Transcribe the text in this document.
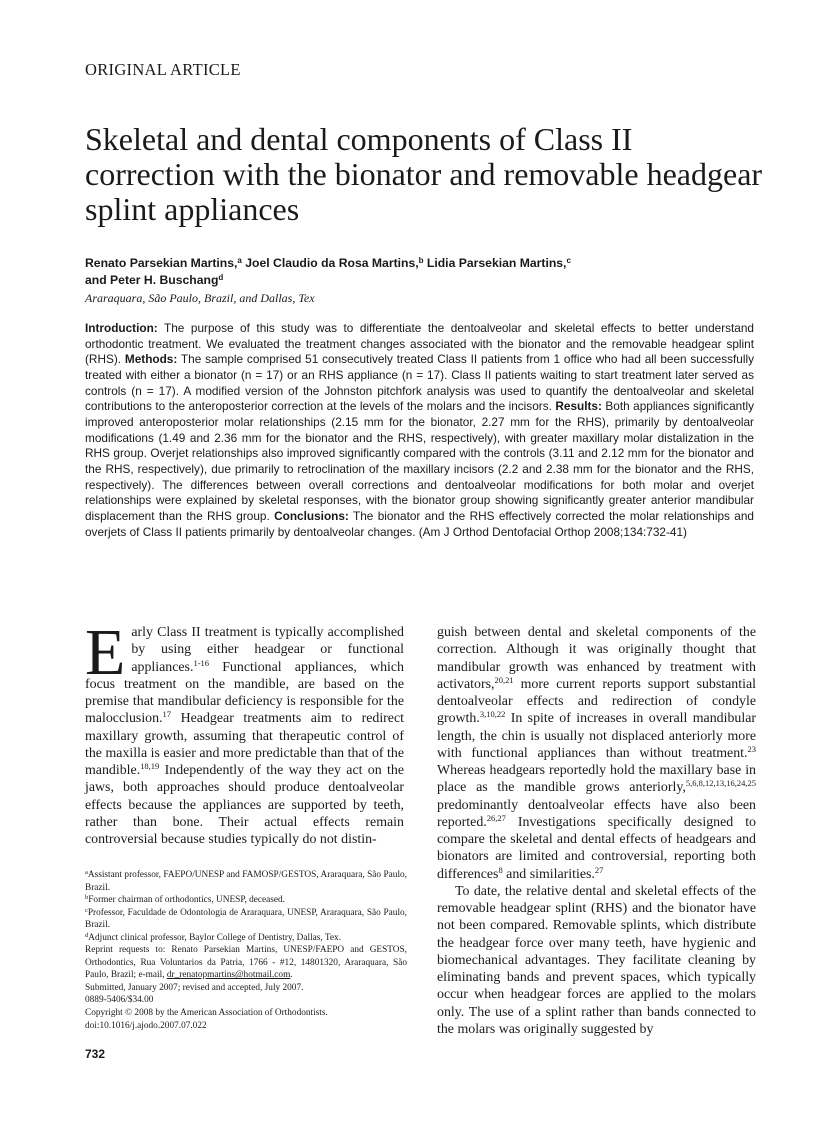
ORIGINAL ARTICLE
Skeletal and dental components of Class II correction with the bionator and removable headgear splint appliances
Renato Parsekian Martins,$^a$ Joel Claudio da Rosa Martins,$^b$ Lidia Parsekian Martins,$^c$
and Peter H. Buschang$^d$
Araraquara, São Paulo, Brazil, and Dallas, Tex

Introduction: The purpose of this study was to differentiate the dentoalveolar and skeletal effects to better understand orthodontic treatment. We evaluated the treatment changes associated with the bionator and the removable headgear splint (RHS). Methods: The sample comprised 51 consecutively treated Class II patients from 1 office who had all been successfully treated with either a bionator (n = 17) or an RHS appliance (n = 17). Class II patients waiting to start treatment later served as controls (n = 17). A modified version of the Johnston pitchfork analysis was used to quantify the dentoalveolar and skeletal contributions to the anteroposterior correction at the levels of the molars and the incisors. Results: Both appliances significantly improved anteroposterior molar relationships (2.15 mm for the bionator, 2.27 mm for the RHS), primarily by dentoalveolar modifications (1.49 and 2.36 mm for the bionator and the RHS, respectively), with greater maxillary molar distalization in the RHS group. Overjet relationships also improved significantly compared with the controls (3.11 and 2.12 mm for the bionator and the RHS, respectively), due primarily to retroclination of the maxillary incisors (2.2 and 2.38 mm for the bionator and the RHS, respectively). The differences between overall corrections and dentoalveolar modifications for both molar and overjet relationships were explained by skeletal responses, with the bionator group showing significantly greater anterior mandibular displacement than the RHS group. Conclusions: The bionator and the RHS effectively corrected the molar relationships and overjets of Class II patients primarily by dentoalveolar changes. (Am J Orthod Dentofacial Orthop 2008;134:732-41)

Early Class II treatment is typically accomplished by using either headgear or functional appliances.$^{1-16}$ Functional appliances, which focus treatment on the mandible, are based on the premise that mandibular deficiency is responsible for the malocclusion.$^{17}$ Headgear treatments aim to redirect maxillary growth, assuming that therapeutic control of the maxilla is easier and more predictable than that of the mandible.$^{18,19}$ Independently of the way they act on the jaws, both approaches should produce dentoalveolar effects because the appliances are supported by teeth, rather than bone. Their actual effects remain controversial because studies typically do not distin-

guish between dental and skeletal components of the correction. Although it was originally thought that mandibular growth was enhanced by treatment with activators,$^{20,21}$ more current reports support substantial dentoalveolar effects and redirection of condyle growth.$^{3,10,22}$ In spite of increases in overall mandibular length, the chin is usually not displaced anteriorly more with functional appliances than without treatment.$^{23}$ Whereas headgears reportedly hold the maxillary base in place as the mandible grows anteriorly,$^{5,6,8,12,13,16,24,25}$ predominantly dentoalveolar effects have also been reported.$^{26,27}$ Investigations specifically designed to compare the skeletal and dental effects of headgears and bionators are limited and controversial, reporting both differences$^8$ and similarities.$^{27}$

To date, the relative dental and skeletal effects of the removable headgear splint (RHS) and the bionator have not been compared. Removable splints, which distribute the headgear force over many teeth, have hygienic and biomechanical advantages. They facilitate cleaning by eliminating bands and prevent spaces, which typically occur when headgear forces are applied to the molars only. The use of a splint rather than bands connected to the molars was originally suggested by

$^a$Assistant professor, FAEPO/UNESP and FAMOSP/GESTOS, Araraquara, São Paulo, Brazil.

$^b$Former chairman of orthodontics, UNESP, deceased.

$^c$Professor, Faculdade de Odontologia de Araraquara, UNESP, Araraquara, São Paulo, Brazil.

$^d$Adjunct clinical professor, Baylor College of Dentistry, Dallas, Tex.

Reprint requests to: Renato Parsekian Martins, UNESP/FAEPO and GESTOS, Orthodontics, Rua Voluntarios da Patria, 1766 - #12, 14801320, Araraquara, São Paulo, Brazil; e-mail, dr_renatopmartins@hotmail.com.

Submitted, January 2007; revised and accepted, July 2007.

0889-5406/$34.00

Copyright © 2008 by the American Association of Orthodontists.

doi:10.1016/j.ajodo.2007.07.022

732
